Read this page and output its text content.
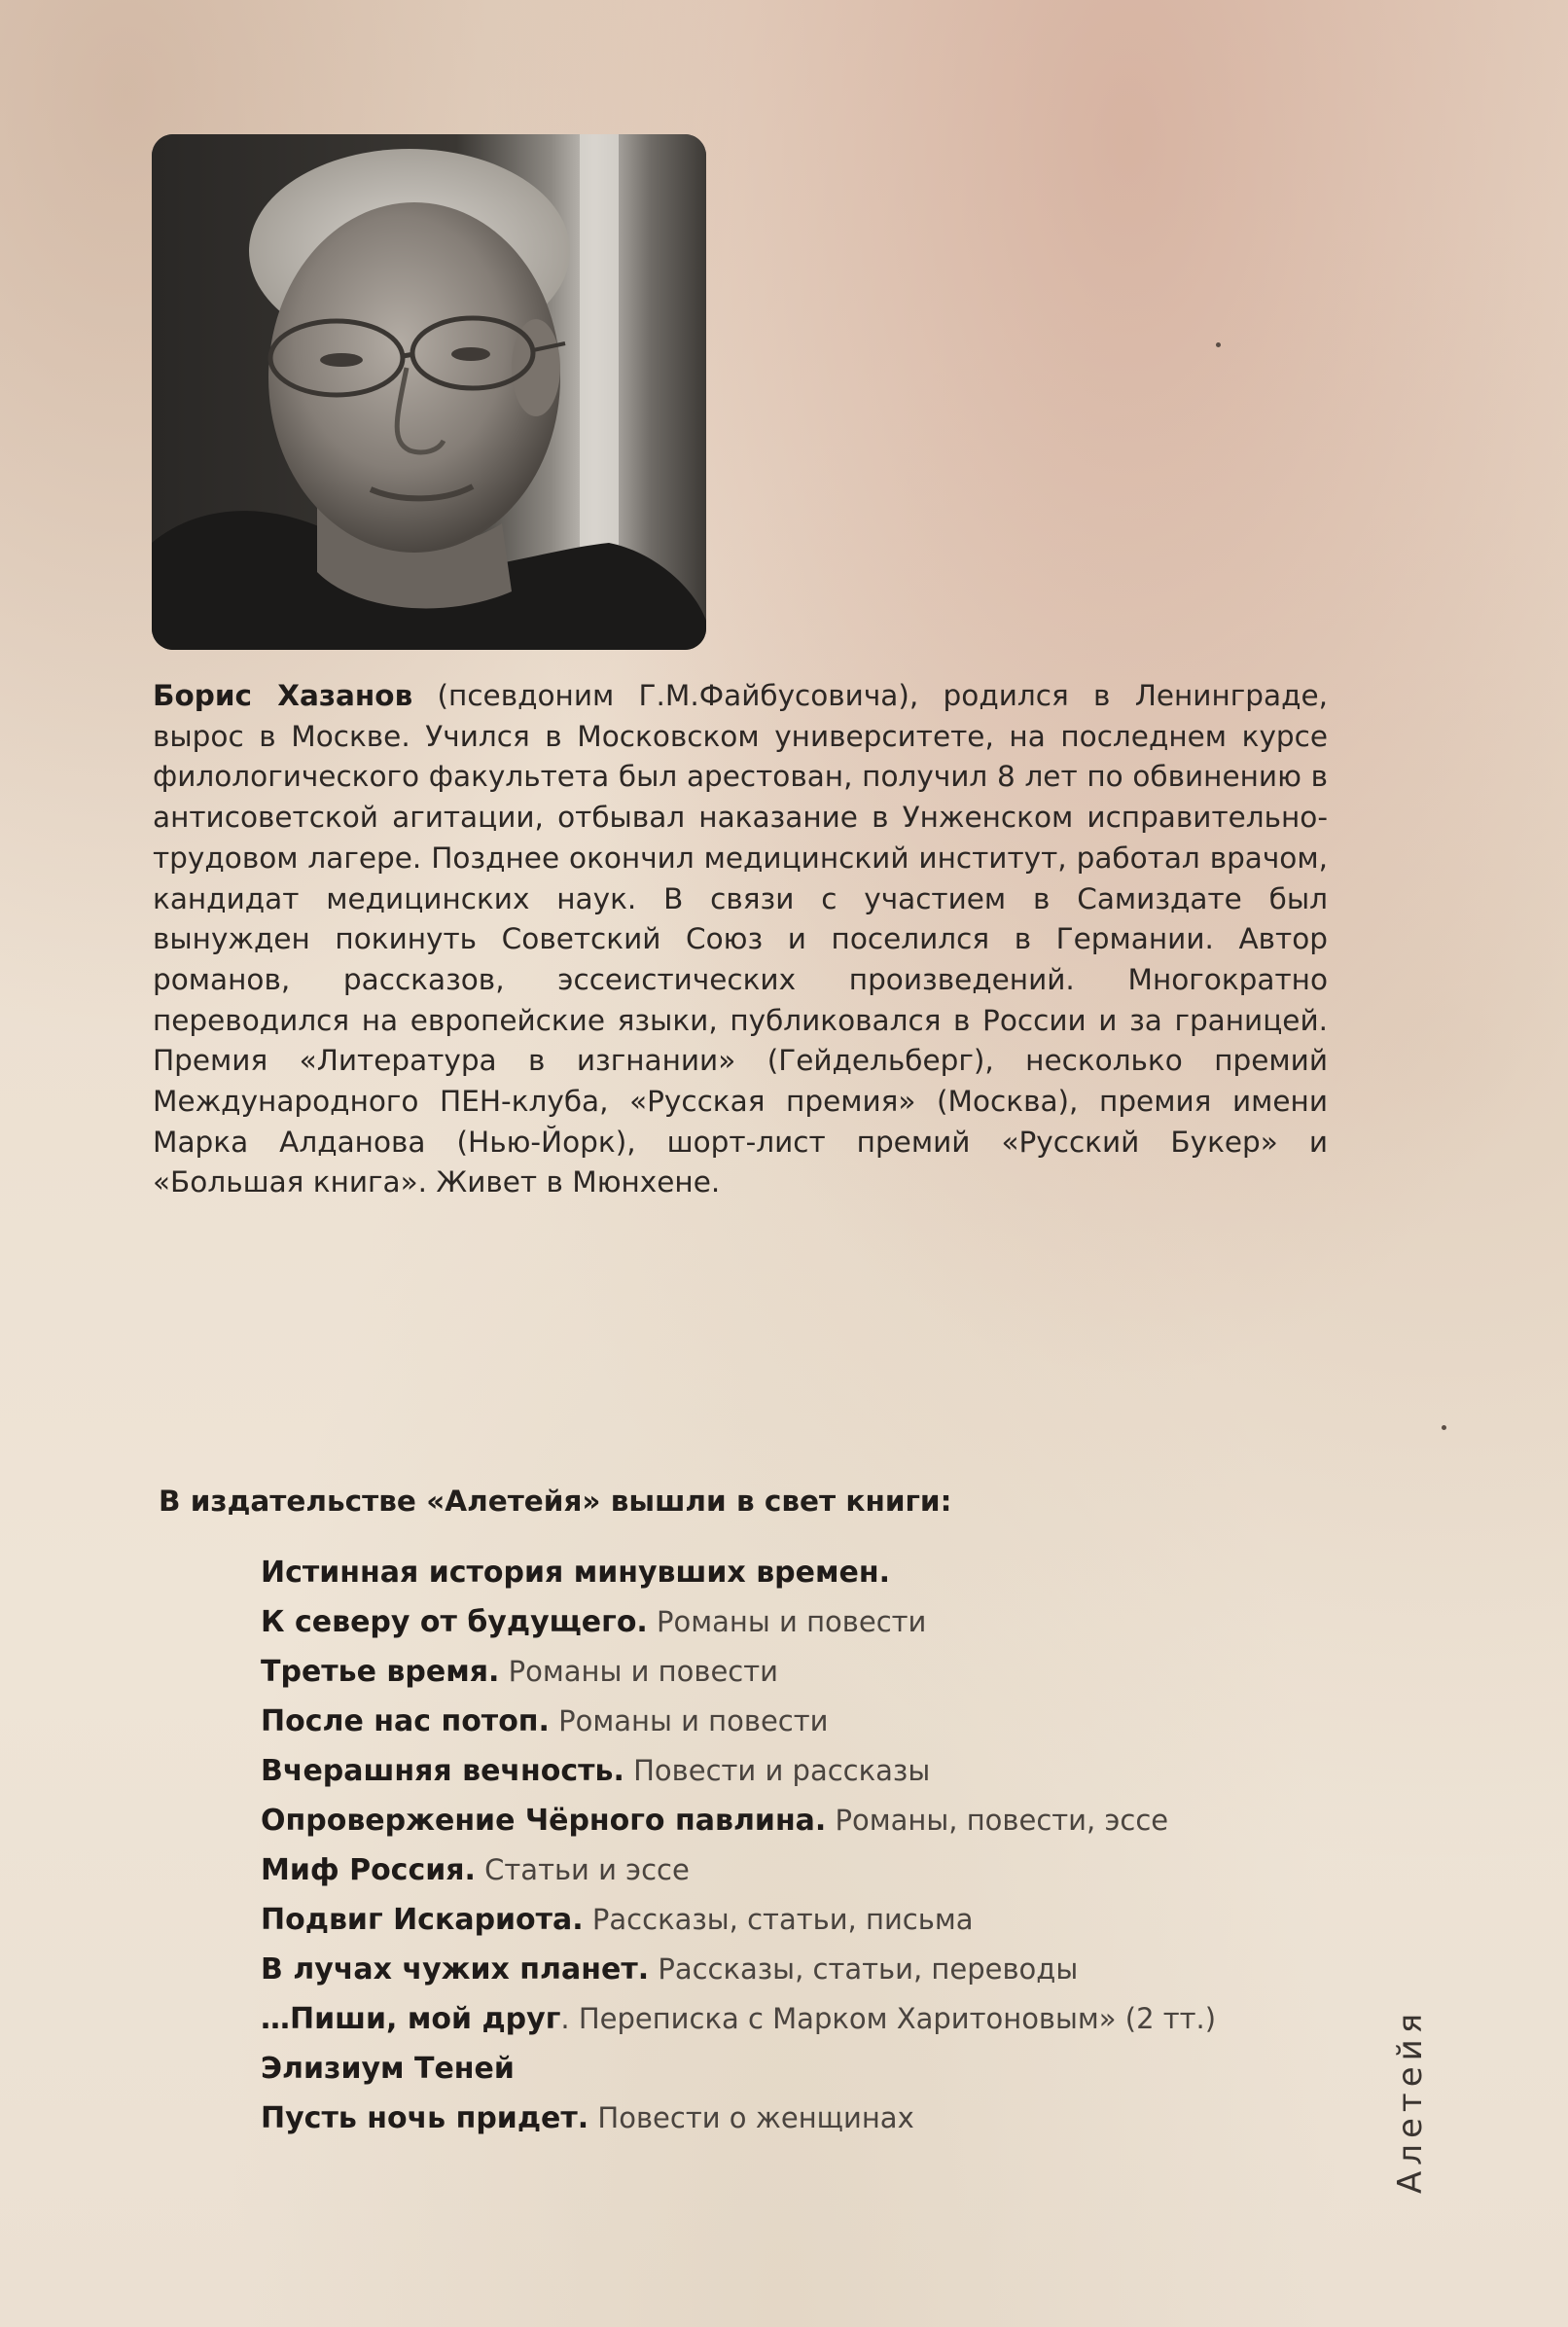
Борис Хазанов (псевдоним Г.М.Файбусовича), родился в Ленинграде, вырос в Москве. Учился в Московском университете, на последнем курсе филологического факультета был арестован, получил 8 лет по обвинению в антисоветской агитации, отбывал наказание в Унженском исправительно-трудовом лагере. Позднее окончил медицинский институт, работал врачом, кандидат медицинских наук. В связи с участием в Самиздате был вынужден покинуть Советский Союз и поселился в Германии. Автор романов, рассказов, эссеистических произведений. Многократно переводился на европейские языки, публиковался в России и за границей. Премия «Литература в изгнании» (Гейдельберг), несколько премий Международного ПЕН-клуба, «Русская премия» (Москва), премия имени Марка Алданова (Нью-Йорк), шорт-лист премий «Русский Букер» и «Большая книга». Живет в Мюнхене.
В издательстве «Алетейя» вышли в свет книги:
Истинная история минувших времен.
К северу от будущего. Романы и повести
Третье время. Романы и повести
После нас потоп. Романы и повести
Вчерашняя вечность. Повести и рассказы
Опровержение Чёрного павлина. Романы, повести, эссе
Миф Россия. Статьи и эссе
Подвиг Искариота. Рассказы, статьи, письма
В лучах чужих планет. Рассказы, статьи, переводы
…Пиши, мой друг. Переписка с Марком Харитоновым» (2 тт.)
Элизиум Теней
Пусть ночь придет. Повести о женщинах	Алетейя
